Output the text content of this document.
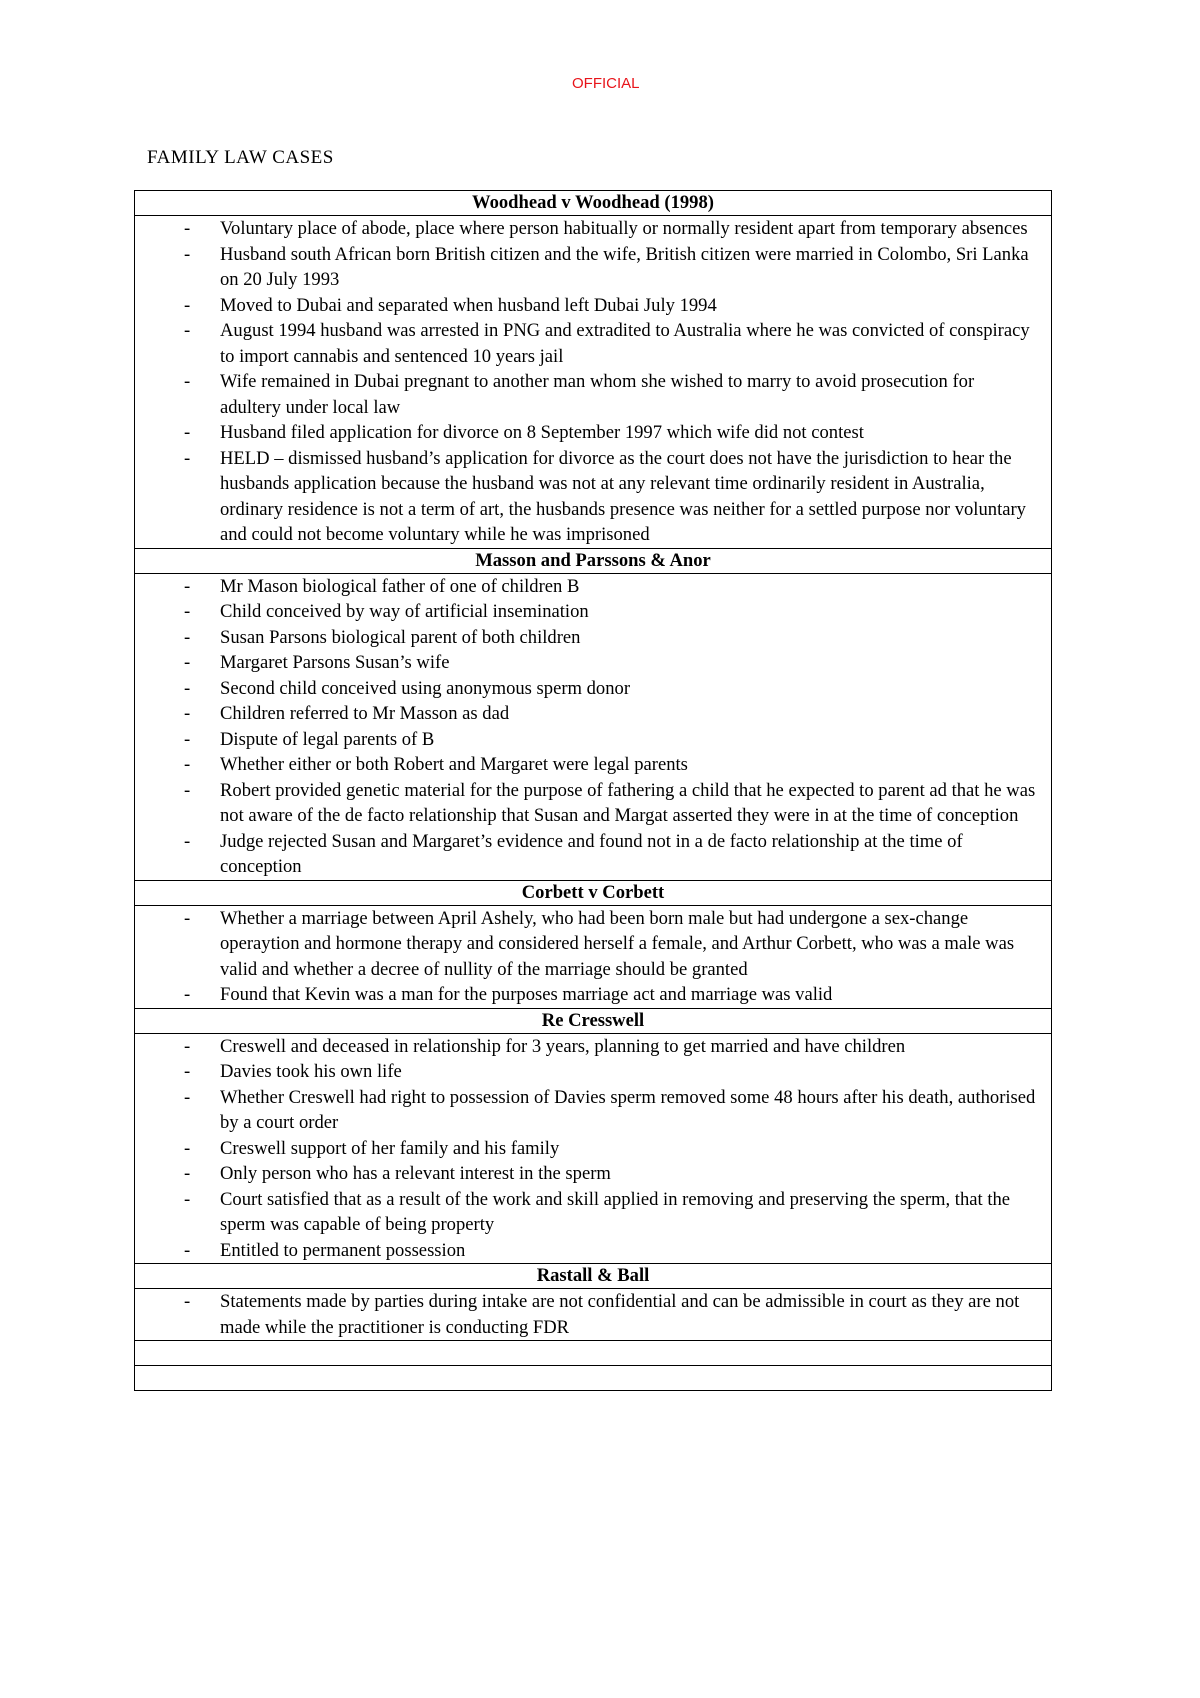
OFFICIAL
FAMILY LAW CASES
Woodhead v Woodhead (1998)

- Voluntary place of abode, place where person habitually or normally resident apart from temporary absences
- Husband south African born British citizen and the wife, British citizen were married in Colombo, Sri Lanka on 20 July 1993
- Moved to Dubai and separated when husband left Dubai July 1994
- August 1994 husband was arrested in PNG and extradited to Australia where he was convicted of conspiracy to import cannabis and sentenced 10 years jail
- Wife remained in Dubai pregnant to another man whom she wished to marry to avoid prosecution for adultery under local law
- Husband filed application for divorce on 8 September 1997 which wife did not contest
- HELD – dismissed husband’s application for divorce as the court does not have the jurisdiction to hear the husbands application because the husband was not at any relevant time ordinarily resident in Australia, ordinary residence is not a term of art, the husbands presence was neither for a settled purpose nor voluntary and could not become voluntary while he was imprisoned

Masson and Parssons & Anor

- Mr Mason biological father of one of children B
- Child conceived by way of artificial insemination
- Susan Parsons biological parent of both children
- Margaret Parsons Susan’s wife
- Second child conceived using anonymous sperm donor
- Children referred to Mr Masson as dad
- Dispute of legal parents of B
- Whether either or both Robert and Margaret were legal parents
- Robert provided genetic material for the purpose of fathering a child that he expected to parent ad that he was not aware of the de facto relationship that Susan and Margat asserted they were in at the time of conception
- Judge rejected Susan and Margaret’s evidence and found not in a de facto relationship at the time of conception

Corbett v Corbett

- Whether a marriage between April Ashely, who had been born male but had undergone a sex-change operaytion and hormone therapy and considered herself a female, and Arthur Corbett, who was a male was valid and whether a decree of nullity of the marriage should be granted
- Found that Kevin was a man for the purposes marriage act and marriage was valid

Re Cresswell

- Creswell and deceased in relationship for 3 years, planning to get married and have children
- Davies took his own life
- Whether Creswell had right to possession of Davies sperm removed some 48 hours after his death, authorised by a court order
- Creswell support of her family and his family
- Only person who has a relevant interest in the sperm
- Court satisfied that as a result of the work and skill applied in removing and preserving the sperm, that the sperm was capable of being property
- Entitled to permanent possession

Rastall & Ball

- Statements made by parties during intake are not confidential and can be admissible in court as they are not made while the practitioner is conducting FDR
